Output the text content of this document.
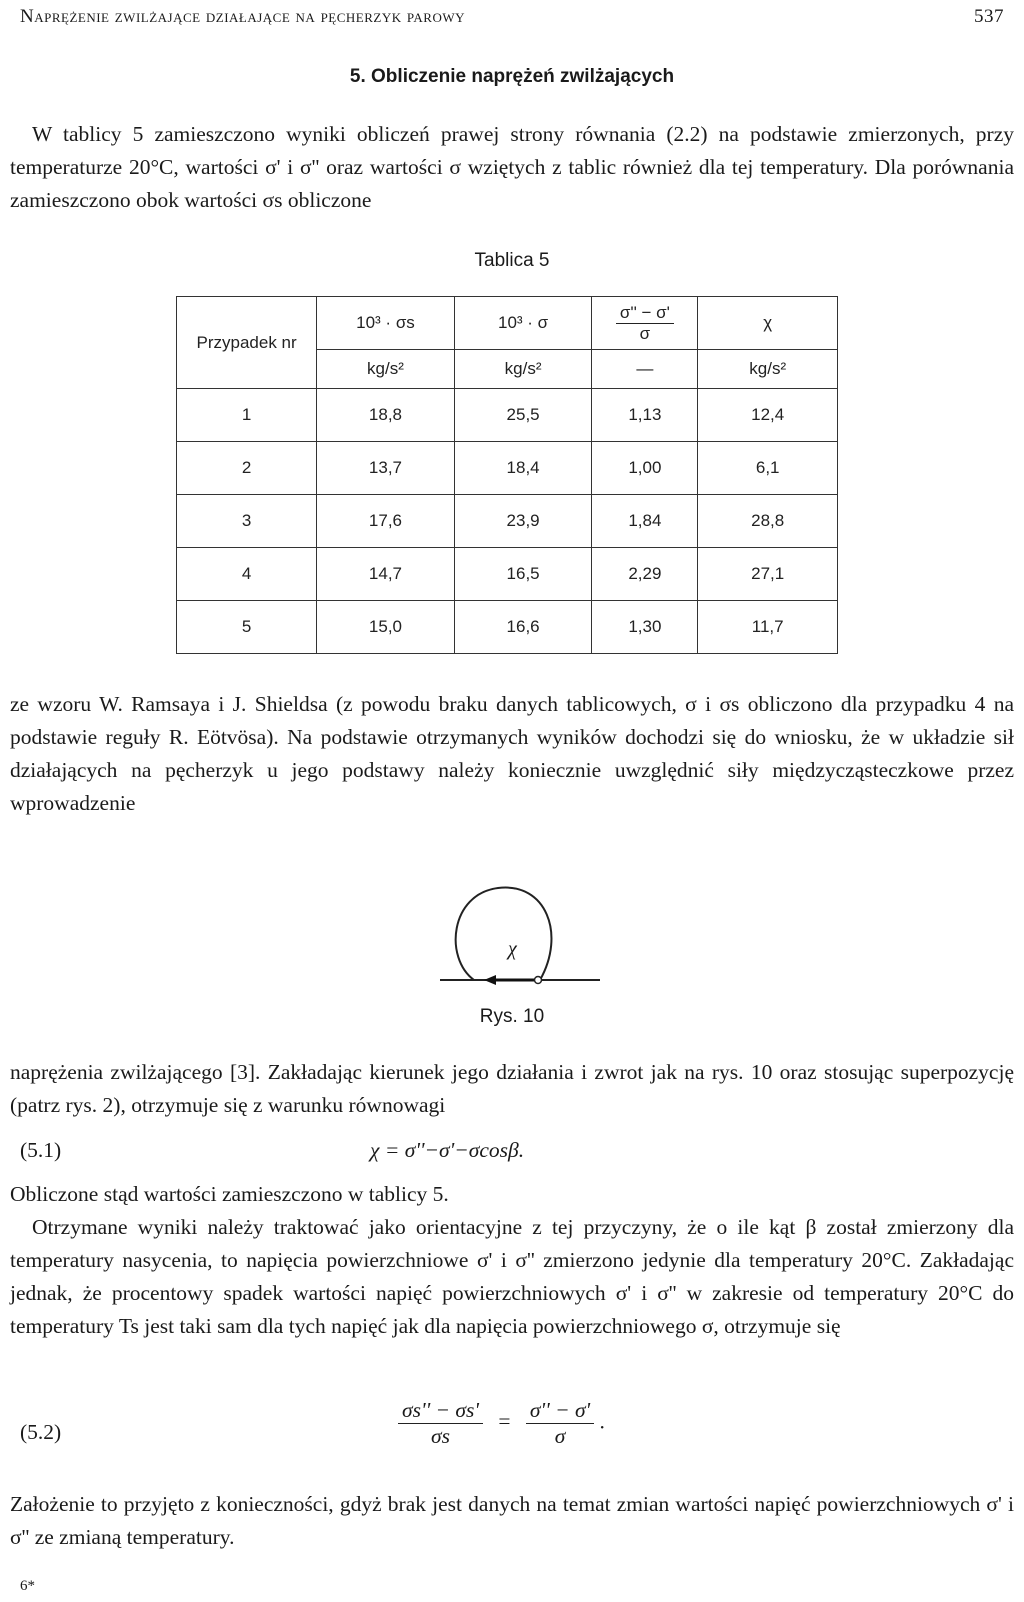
Naprężenie zwilżające działające na pęcherzyk parowy	537
5. Obliczenie naprężeń zwilżających

W tablicy 5 zamieszczono wyniki obliczeń prawej strony równania (2.2) na podstawie zmierzonych, przy temperaturze 20°C, wartości σ' i σ'' oraz wartości σ wziętych z tablic również dla tej temperatury. Dla porównania zamieszczono obok wartości σs obliczone

Tablica 5
Przypadek nr	10³ · σs	10³ · σ	$\frac{\sigma'' - \sigma'}{\sigma}$	χ
	kg/s²	kg/s²	—	kg/s²
1	18,8	25,5	1,13	12,4
2	13,7	18,4	1,00	6,1
3	17,6	23,9	1,84	28,8
4	14,7	16,5	2,29	27,1
5	15,0	16,6	1,30	11,7

ze wzoru W. Ramsaya i J. Shieldsa (z powodu braku danych tablicowych, σ i σs obliczono dla przypadku 4 na podstawie reguły R. Eötvösa). Na podstawie otrzymanych wyników dochodzi się do wniosku, że w układzie sił działających na pęcherzyk u jego podstawy należy koniecznie uwzględnić siły międzycząsteczkowe przez wprowadzenie

χ
Rys. 10

naprężenia zwilżającego [3]. Zakładając kierunek jego działania i zwrot jak na rys. 10 oraz stosując superpozycję (patrz rys. 2), otrzymuje się z warunku równowagi

(5.1)	χ = σ''−σ'−σcosβ.

Obliczone stąd wartości zamieszczono w tablicy 5.

Otrzymane wyniki należy traktować jako orientacyjne z tej przyczyny, że o ile kąt β został zmierzony dla temperatury nasycenia, to napięcia powierzchniowe σ' i σ'' zmierzono jedynie dla temperatury 20°C. Zakładając jednak, że procentowy spadek wartości napięć powierzchniowych σ' i σ'' w zakresie od temperatury 20°C do temperatury Ts jest taki sam dla tych napięć jak dla napięcia powierzchniowego σ, otrzymuje się

(5.2)	$\frac{\sigma s'' - \sigma s'}{\sigma s} = \frac{\sigma'' - \sigma'}{\sigma}$ .

Założenie to przyjęto z konieczności, gdyż brak jest danych na temat zmian wartości napięć powierzchniowych σ' i σ'' ze zmianą temperatury.

6*
